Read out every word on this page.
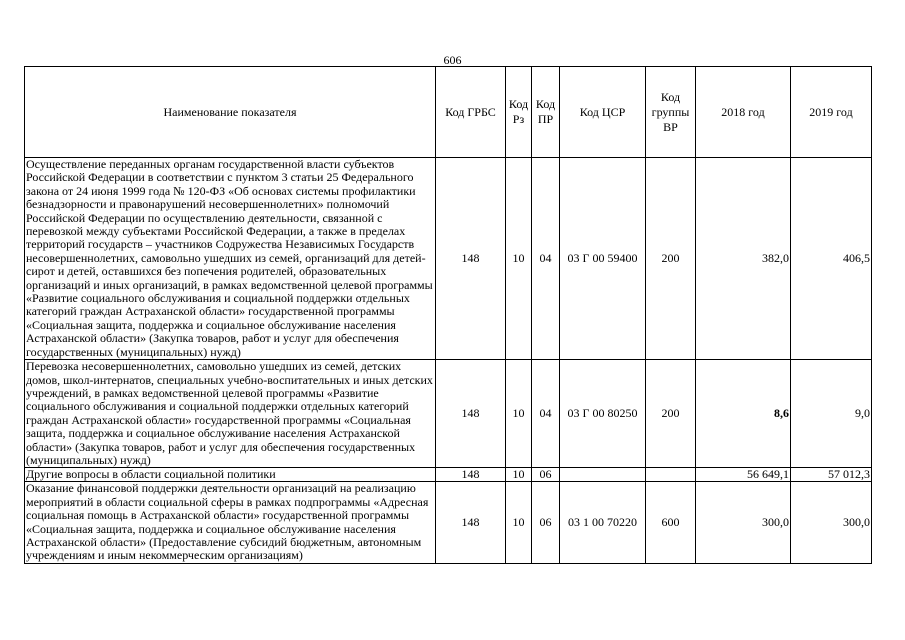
606
Наименование показателя	Код ГРБС	Код Рз	Код ПР	Код ЦСР	Код группы ВР	2018 год	2019 год
Осуществление переданных органам государственной власти субъектов Российской Федерации в соответствии с пунктом 3 статьи 25 Федерального закона от 24 июня 1999 года № 120-ФЗ «Об основах системы профилактики безнадзорности и правонарушений несовершеннолетних» полномочий Российской Федерации по осуществлению деятельности, связанной с перевозкой между субъектами Российской Федерации, а также в пределах территорий государств – участников Содружества Независимых Государств несовершеннолетних, самовольно ушедших из семей, организаций для детей-сирот и детей, оставшихся без попечения родителей, образовательных организаций и иных организаций, в рамках ведомственной целевой программы «Развитие социального обслуживания и социальной поддержки отдельных категорий граждан Астраханской области» государственной программы «Социальная защита, поддержка и социальное обслуживание населения Астраханской области» (Закупка товаров, работ и услуг для обеспечения государственных (муниципальных) нужд)	148	10	04	03 Г 00 59400	200	382,0	406,5
Перевозка несовершеннолетних, самовольно ушедших из семей, детских домов, школ-интернатов, специальных учебно-воспитательных и иных детских учреждений, в рамках ведомственной целевой программы «Развитие социального обслуживания и социальной поддержки отдельных категорий граждан Астраханской области» государственной программы «Социальная защита, поддержка и социальное обслуживание населения Астраханской области» (Закупка товаров, работ и услуг для обеспечения государственных (муниципальных) нужд)	148	10	04	03 Г 00 80250	200	8,6	9,0
Другие вопросы в области социальной политики	148	10	06			56 649,1	57 012,3
Оказание финансовой поддержки деятельности организаций на реализацию мероприятий в области социальной сферы в рамках подпрограммы «Адресная социальная помощь в Астраханской области» государственной программы «Социальная защита, поддержка и социальное обслуживание населения Астраханской области» (Предоставление субсидий бюджетным, автономным учреждениям и иным некоммерческим организациям)	148	10	06	03 1 00 70220	600	300,0	300,0
